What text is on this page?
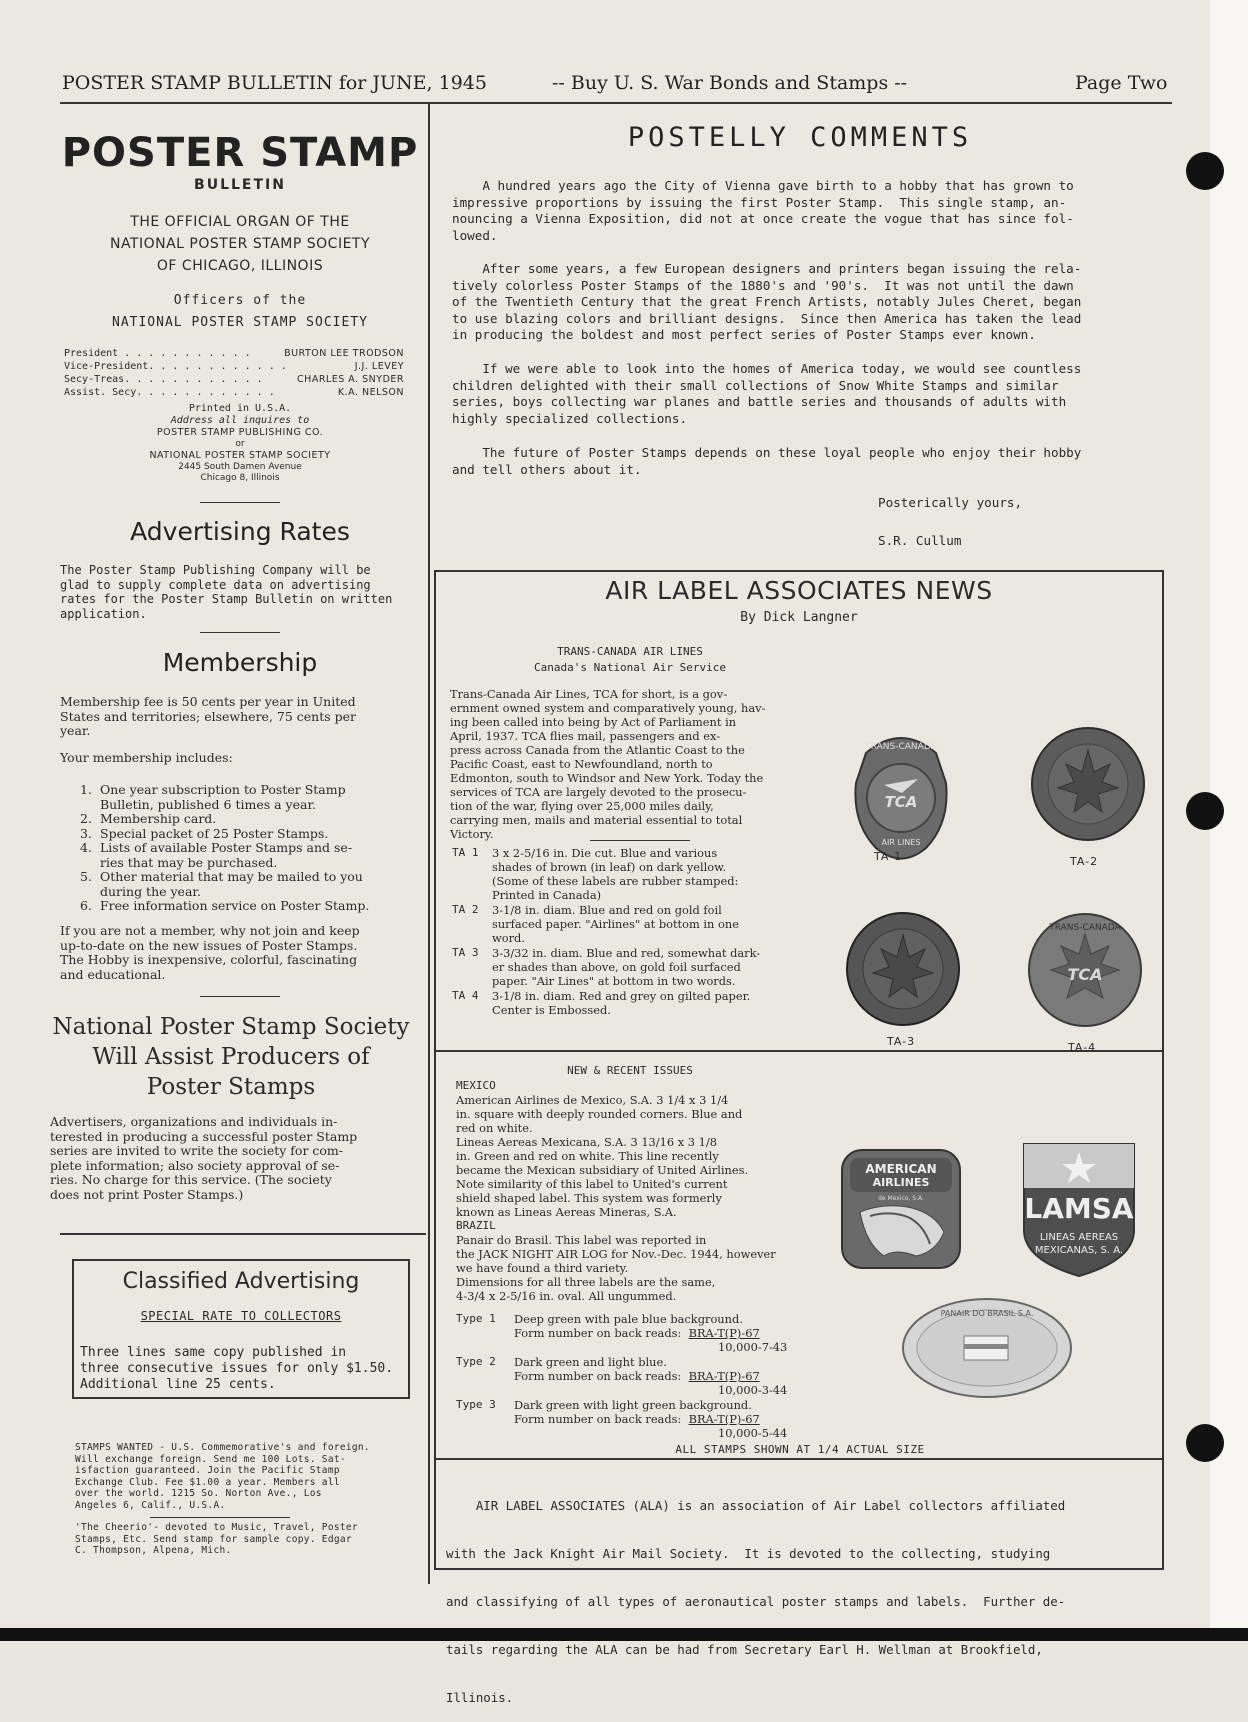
POSTER STAMP BULLETIN for JUNE, 1945	-- Buy U. S. War Bonds and Stamps --	Page Two
POSTER STAMP
BULLETIN
THE OFFICIAL ORGAN OF THE
NATIONAL POSTER STAMP SOCIETY
OF CHICAGO, ILLINOIS
Officers of the
NATIONAL POSTER STAMP SOCIETY
President . . . . . . . . . . .	BURTON LEE TRODSON
Vice-President. . . . . . . . . . . .	J.J. LEVEY
Secy-Treas. . . . . . . . . . . .	CHARLES A. SNYDER
Assist. Secy. . . . . . . . . . . .	K.A. NELSON
Printed in U.S.A.
Address all inquires to
POSTER STAMP PUBLISHING CO.
or
NATIONAL POSTER STAMP SOCIETY
2445 South Damen Avenue
Chicago 8, Illinois
Advertising Rates
The Poster Stamp Publishing Company will be
glad to supply complete data on advertising
rates for the Poster Stamp Bulletin on written
application.
Membership
Membership fee is 50 cents per year in United
States and territories; elsewhere, 75 cents per
year.
Your membership includes:
1. One year subscription to Poster Stamp
Bulletin, published 6 times a year.
2. Membership card.
3. Special packet of 25 Poster Stamps.
4. Lists of available Poster Stamps and se-
ries that may be purchased.
5. Other material that may be mailed to you
during the year.
6. Free information service on Poster Stamp.
If you are not a member, why not join and keep
up-to-date on the new issues of Poster Stamps.
The Hobby is inexpensive, colorful, fascinating
and educational.
National Poster Stamp Society
Will Assist Producers of
Poster Stamps
Advertisers, organizations and individuals in-
terested in producing a successful poster Stamp
series are invited to write the society for com-
plete information; also society approval of se-
ries. No charge for this service. (The society
does not print Poster Stamps.)
Classified Advertising
SPECIAL RATE TO COLLECTORS
Three lines same copy published in
three consecutive issues for only $1.50.
Additional line 25 cents.
STAMPS WANTED - U.S. Commemorative's and foreign.
Will exchange foreign. Send me 100 Lots. Sat-
isfaction guaranteed. Join the Pacific Stamp
Exchange Club. Fee $1.00 a year. Members all
over the world. 1215 So. Norton Ave., Los
Angeles 6, Calif., U.S.A.
'The Cheerio'- devoted to Music, Travel, Poster
Stamps, Etc. Send stamp for sample copy. Edgar
C. Thompson, Alpena, Mich.
POSTELLY COMMENTS
A hundred years ago the City of Vienna gave birth to a hobby that has grown to
impressive proportions by issuing the first Poster Stamp.  This single stamp, an-
nouncing a Vienna Exposition, did not at once create the vogue that has since fol-
lowed.
After some years, a few European designers and printers began issuing the rela-
tively colorless Poster Stamps of the 1880's and '90's.  It was not until the dawn
of the Twentieth Century that the great French Artists, notably Jules Cheret, began
to use blazing colors and brilliant designs.  Since then America has taken the lead
in producing the boldest and most perfect series of Poster Stamps ever known.
If we were able to look into the homes of America today, we would see countless
children delighted with their small collections of Snow White Stamps and similar
series, boys collecting war planes and battle series and thousands of adults with
highly specialized collections.
The future of Poster Stamps depends on these loyal people who enjoy their hobby
and tell others about it.
Posterically yours,
S.R. Cullum
AIR LABEL ASSOCIATES NEWS
By Dick Langner
TRANS-CANADA AIR LINES
Canada's National Air Service
Trans-Canada Air Lines, TCA for short, is a gov-
ernment owned system and comparatively young, hav-
ing been called into being by Act of Parliament in
April, 1937. TCA flies mail, passengers and ex-
press across Canada from the Atlantic Coast to the
Pacific Coast, east to Newfoundland, north to
Edmonton, south to Windsor and New York. Today the
services of TCA are largely devoted to the prosecu-
tion of the war, flying over 25,000 miles daily,
carrying men, mails and material essential to total
Victory.
TA 1 3 x 2-5/16 in. Die cut. Blue and various
shades of brown (in leaf) on dark yellow.
(Some of these labels are rubber stamped:
Printed in Canada)
TA 2 3-1/8 in. diam. Blue and red on gold foil
surfaced paper. "Airlines" at bottom in one
word.
TA 3 3-3/32 in. diam. Blue and red, somewhat dark-
er shades than above, on gold foil surfaced
paper. "Air Lines" at bottom in two words.
TA 4 3-1/8 in. diam. Red and grey on gilted paper.
Center is Embossed.
TCA
TRANS-CANADA
AIR LINES
TA-1	TA-2
TA-3
TCA
TRANS-CANADA
TA-4
NEW & RECENT ISSUES
MEXICO
American Airlines de Mexico, S.A. 3 1/4 x 3 1/4
in. square with deeply rounded corners. Blue and
red on white.
Lineas Aereas Mexicana, S.A. 3 13/16 x 3 1/8
in. Green and red on white. This line recently
became the Mexican subsidiary of United Airlines.
Note similarity of this label to United's current
shield shaped label. This system was formerly
known as Lineas Aereas Mineras, S.A.
BRAZIL
Panair do Brasil. This label was reported in
the JACK NIGHT AIR LOG for Nov.-Dec. 1944, however
we have found a third variety.
Dimensions for all three labels are the same,
4-3/4 x 2-5/16 in. oval. All ungummed.
Type 1 Deep green with pale blue background.
Form number on back reads: BRA-T(P)-67
10,000-7-43
Type 2 Dark green and light blue.
Form number on back reads: BRA-T(P)-67
10,000-3-44
Type 3 Dark green with light green background.
Form number on back reads: BRA-T(P)-67
10,000-5-44
ALL STAMPS SHOWN AT 1/4 ACTUAL SIZE
AMERICAN
AIRLINES
de Mexico, S.A.	LAMSA
LINEAS AEREAS
MEXICANAS, S. A.
PANAIR DO BRASIL S.A.

AIR LABEL ASSOCIATES (ALA) is an association of Air Label collectors affiliated

with the Jack Knight Air Mail Society.  It is devoted to the collecting, studying

and classifying of all types of aeronautical poster stamps and labels.  Further de-

tails regarding the ALA can be had from Secretary Earl H. Wellman at Brookfield,

Illinois.
